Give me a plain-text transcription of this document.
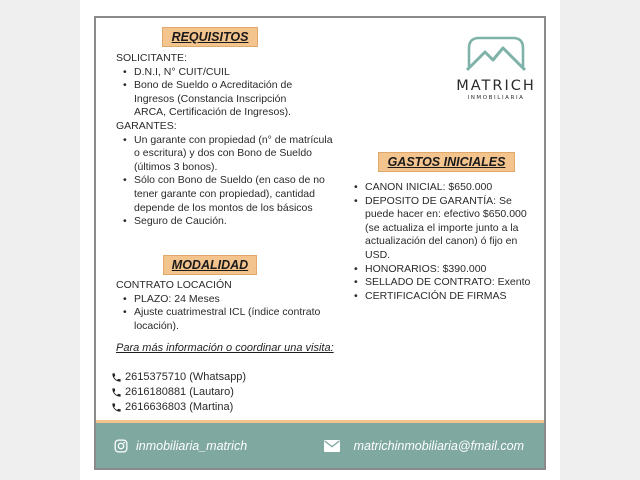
REQUISITOS
SOLICITANTE:
• D.N.I, N° CUIT/CUIL
• Bono de Sueldo o Acreditación de Ingresos (Constancia Inscripción ARCA, Certificación de Ingresos).
GARANTES:
• Un garante con propiedad (n° de matrícula o escritura) y dos con Bono de Sueldo (últimos 3 bonos).
• Sólo con Bono de Sueldo (en caso de no tener garante con propiedad), cantidad depende de los montos de los básicos
• Seguro de Caución.
MODALIDAD
CONTRATO LOCACIÓN
• PLAZO: 24 Meses
• Ajuste cuatrimestral ICL (índice contrato locación).
GASTOS INICIALES
• CANON INICIAL: $650.000
• DEPOSITO DE GARANTÍA: Se puede hacer en: efectivo $650.000 (se actualiza el importe junto a la actualización del canon) ó fijo en USD.
• HONORARIOS: $390.000
• SELLADO DE CONTRATO: Exento
• CERTIFICACIÓN DE FIRMAS
MATRICH
INMOBILIARIA
Para más información o coordinar una visita:
2615375710 (Whatsapp)
2616180881 (Lautaro)
2616636803 (Martina)
inmobiliaria_matrich	matrichinmobiliaria@fmail.com
